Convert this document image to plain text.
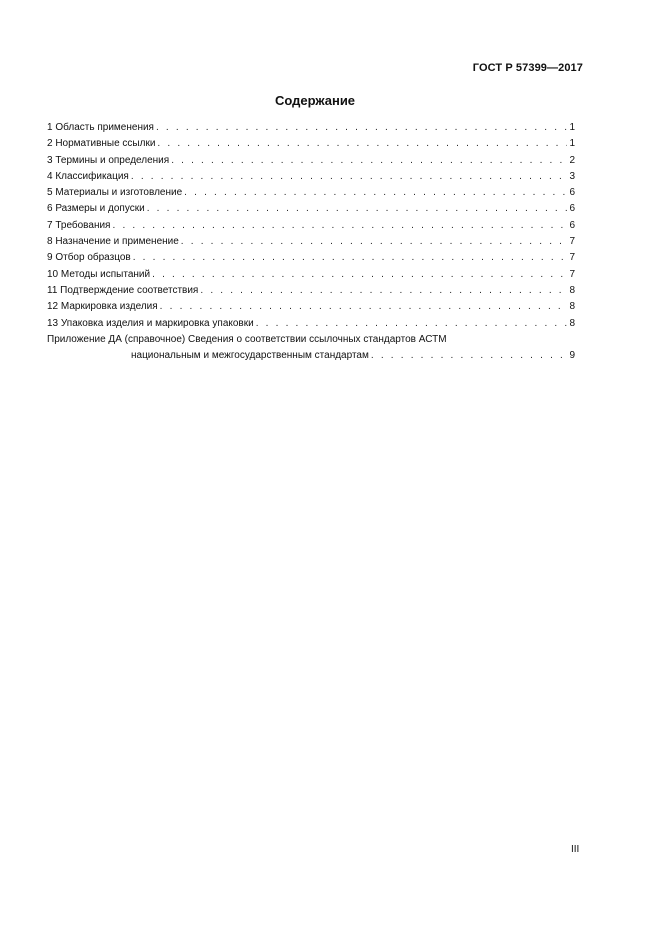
ГОСТ Р 57399—2017
Содержание
1 Область применения . . .	1
2 Нормативные ссылки . . .	1
3 Термины и определения . . .	2
4 Классификация . . .	3
5 Материалы и изготовление . . .	6
6 Размеры и допуски . . .	6
7 Требования . . .	6
8 Назначение и применение . . .	7
9 Отбор образцов . . .	7
10 Методы испытаний . . .	7
11 Подтверждение соответствия . . .	8
12 Маркировка изделия . . .	8
13 Упаковка изделия и маркировка упаковки . . .	8
Приложение ДА (справочное) Сведения о соответствии ссылочных стандартов АСТМ
национальным и межгосударственным стандартам . . .	9
III
